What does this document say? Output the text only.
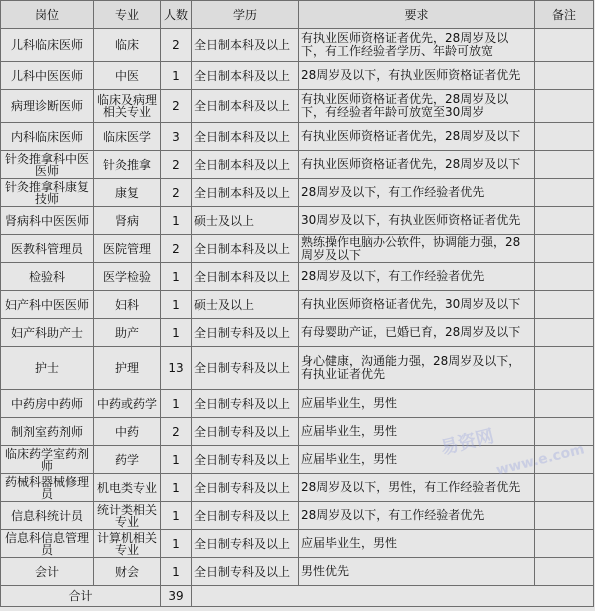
岗位	专业	人数	学历	要求	备注
儿科临床医师	临床	2	全日制本科及以上	有执业医师资格证者优先，28周岁及以下，有工作经验者学历、年龄可放宽	
儿科中医医师	中医	1	全日制本科及以上	28周岁及以下，有执业医师资格证者优先	
病理诊断医师	临床及病理相关专业	2	全日制本科及以上	有执业医师资格证者优先，28周岁及以下，有经验者年龄可放宽至30周岁	
内科临床医师	临床医学	3	全日制本科及以上	有执业医师资格证者优先，28周岁及以下	
针灸推拿科中医医师	针灸推拿	2	全日制本科及以上	有执业医师资格证者优先，28周岁及以下	
针灸推拿科康复技师	康复	2	全日制本科及以上	28周岁及以下，有工作经验者优先	
肾病科中医医师	肾病	1	硕士及以上	30周岁及以下，有执业医师资格证者优先	
医教科管理员	医院管理	2	全日制本科及以上	熟练操作电脑办公软件，协调能力强，28周岁及以下	
检验科	医学检验	1	全日制本科及以上	28周岁及以下，有工作经验者优先	
妇产科中医医师	妇科	1	硕士及以上	有执业医师资格证者优先，30周岁及以下	
妇产科助产士	助产	1	全日制专科及以上	有母婴助产证，已婚已育，28周岁及以下	
护士	护理	13	全日制专科及以上	身心健康，沟通能力强，28周岁及以下，有执业证者优先	
中药房中药师	中药或药学	1	全日制专科及以上	应届毕业生，男性	
制剂室药剂师	中药	2	全日制专科及以上	应届毕业生，男性	
临床药学室药剂师	药学	1	全日制专科及以上	应届毕业生，男性	
药械科器械修理员	机电类专业	1	全日制专科及以上	28周岁及以下，男性，有工作经验者优先	
信息科统计员	统计类相关专业	1	全日制专科及以上	28周岁及以下，有工作经验者优先	
信息科信息管理员	计算机相关专业	1	全日制专科及以上	应届毕业生，男性	
会计	财会	1	全日制专科及以上	男性优先	
合计		39			
易资网
www.e.com
